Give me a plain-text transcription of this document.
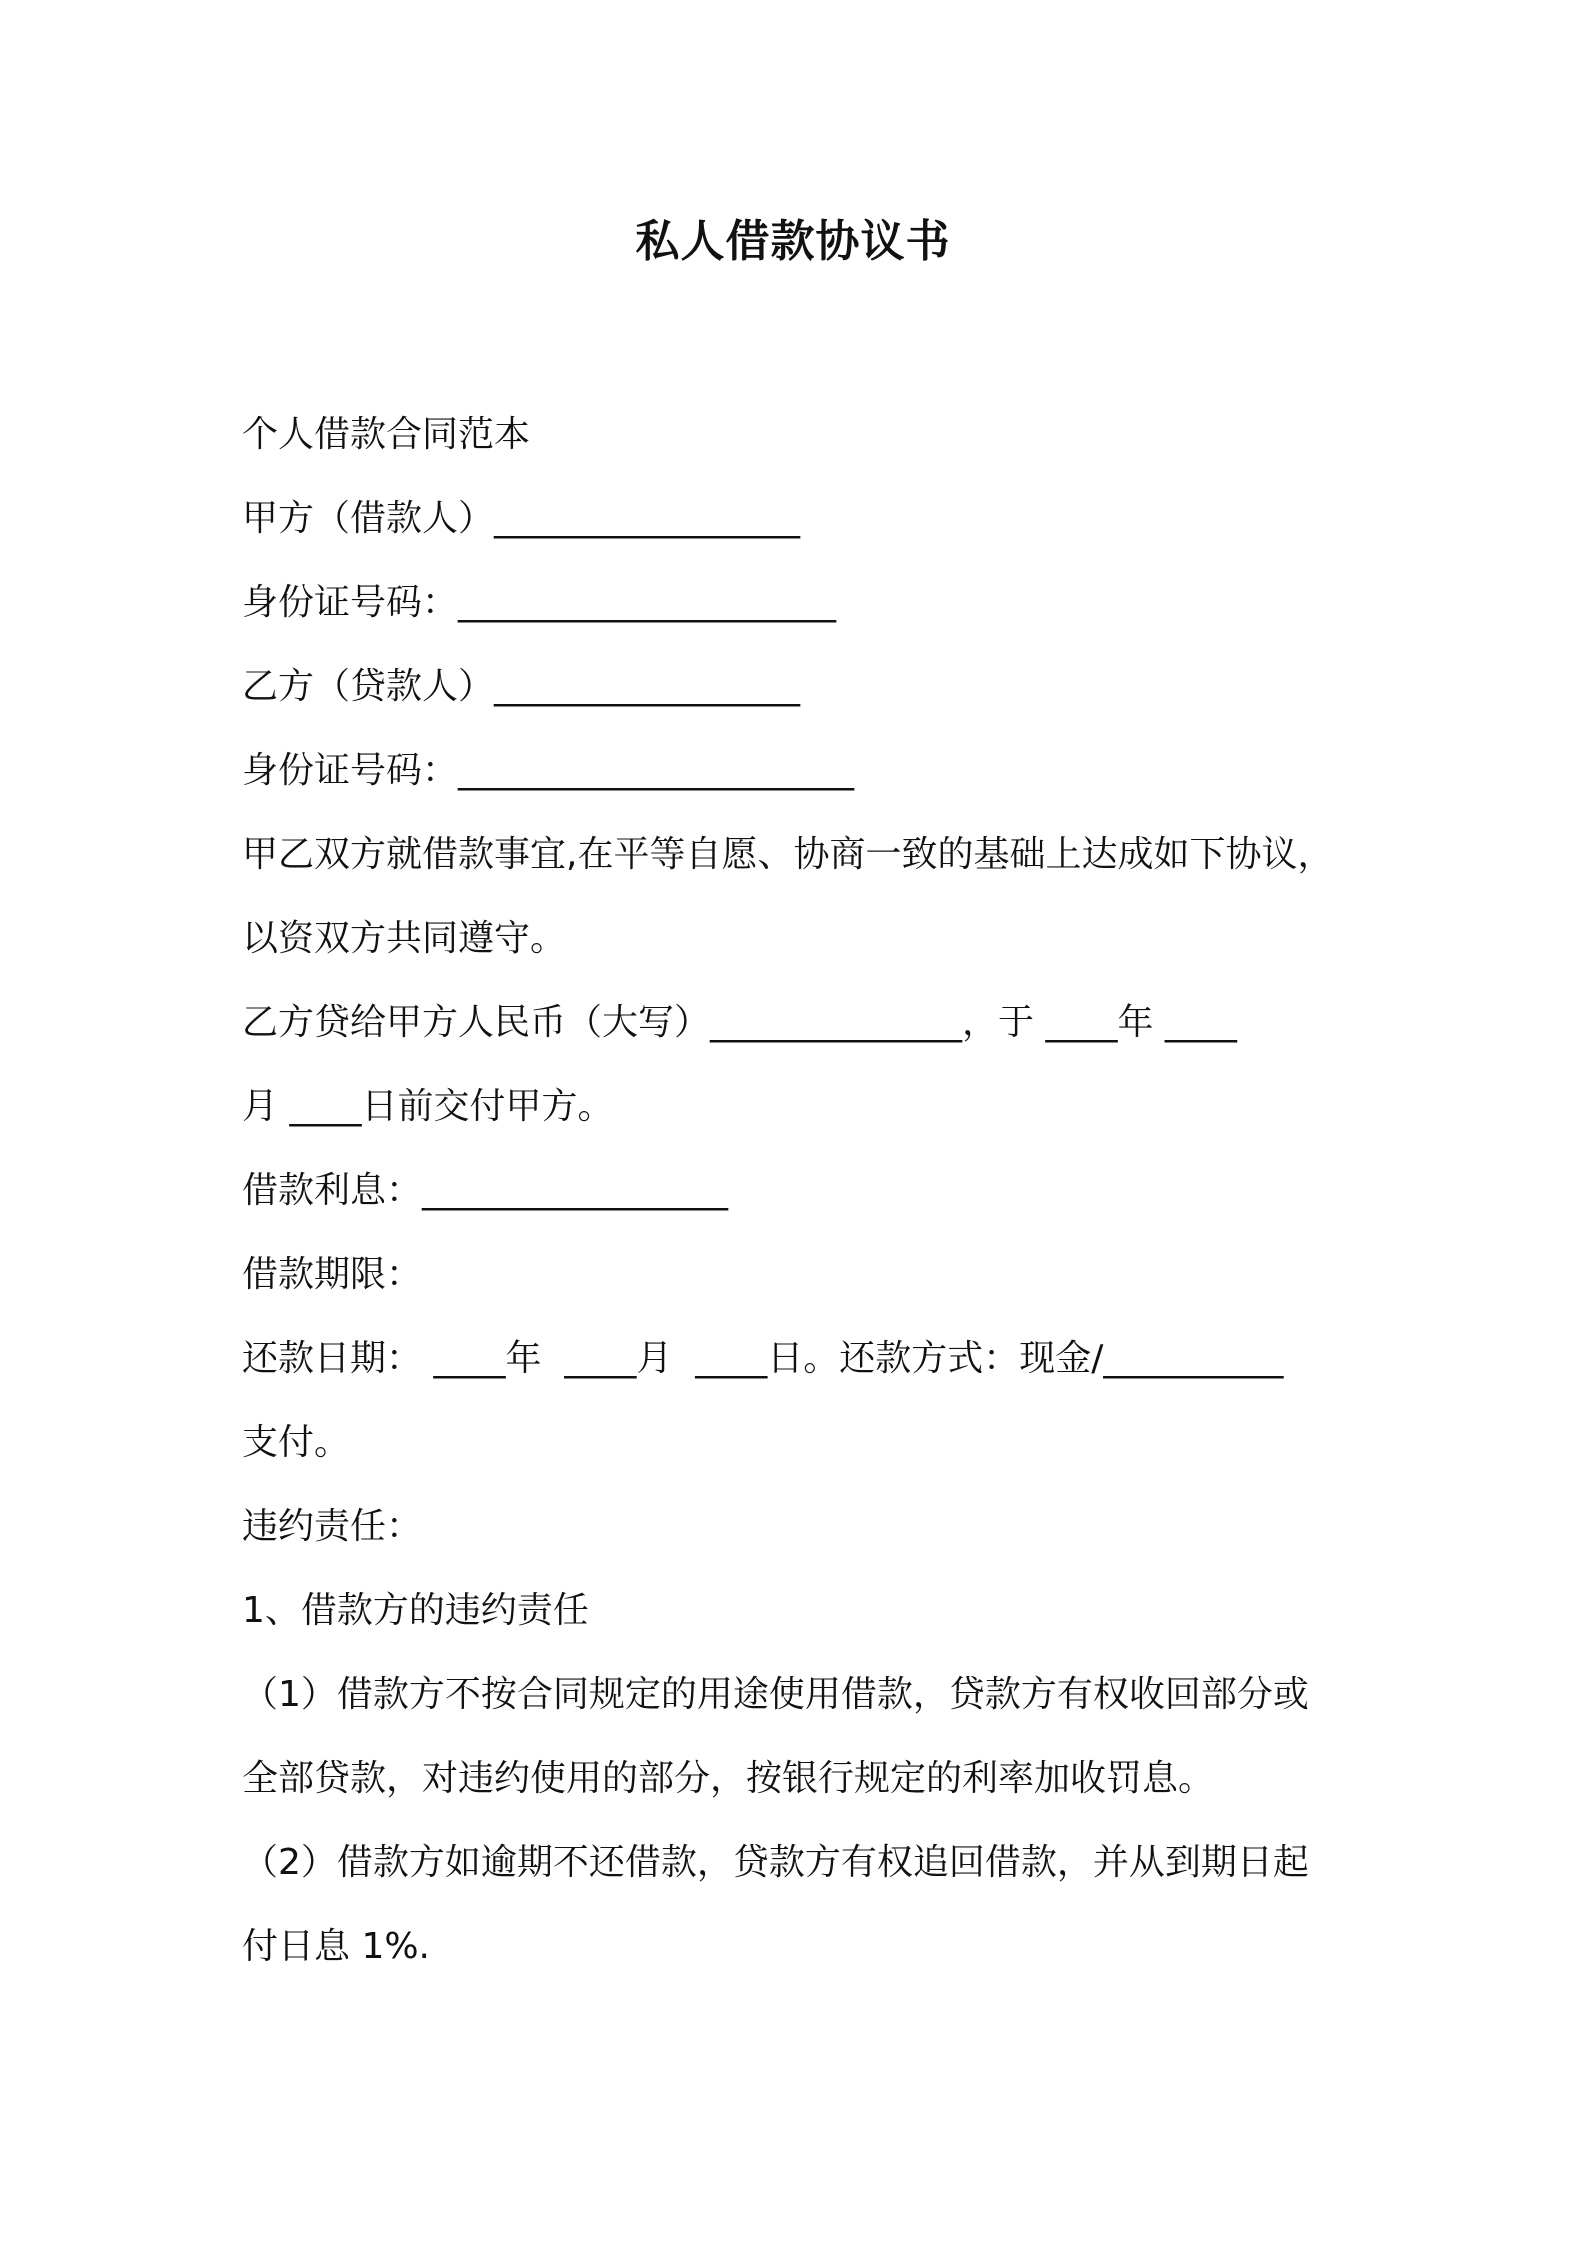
私人借款协议书

个人借款合同范本

甲方（借款人）_________________

身份证号码：_____________________

乙方（贷款人）_________________

身份证号码：______________________

甲乙双方就借款事宜,在平等自愿、协商一致的基础上达成如下协议，

以资双方共同遵守。

乙方贷给甲方人民币（大写）______________，于 ____年 ____

月 ____日前交付甲方。

借款利息：_________________

借款期限：

还款日期： ____年  ____月  ____日。还款方式：现金/__________

支付。

违约责任：

1、借款方的违约责任

（1）借款方不按合同规定的用途使用借款，贷款方有权收回部分或

全部贷款，对违约使用的部分，按银行规定的利率加收罚息。

（2）借款方如逾期不还借款，贷款方有权追回借款，并从到期日起

付日息 1%.
